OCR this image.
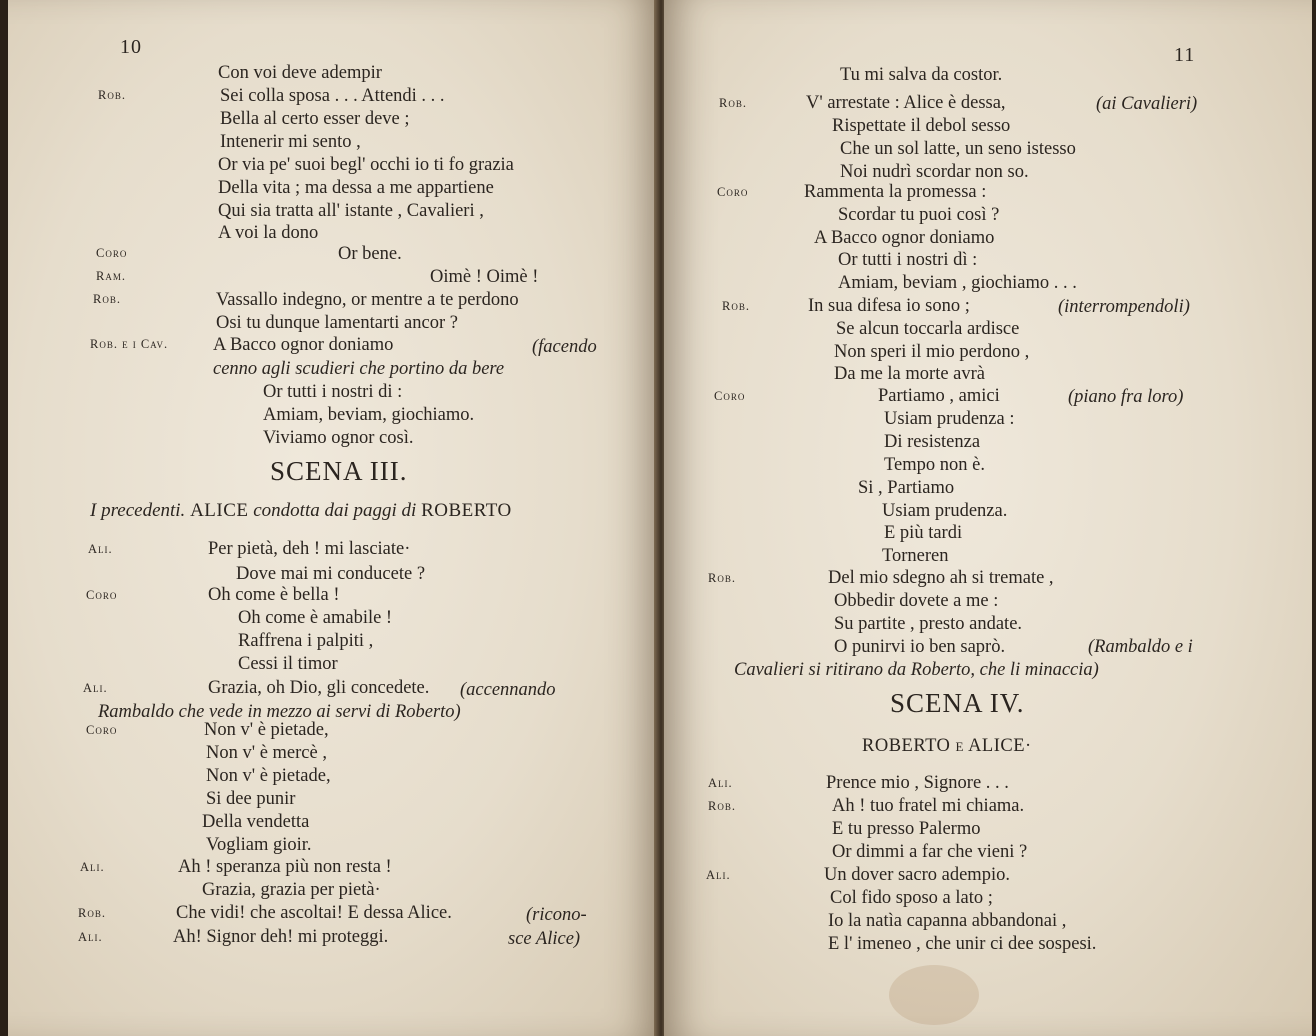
10
Con voi deve adempir
Rob.	Sei colla sposa . . . Attendi . . .
Bella al certo esser deve ;
Intenerir mi sento ,
Or via pe' suoi begl' occhi io ti fo grazia
Della vita ; ma dessa a me appartiene
Qui sia tratta all' istante , Cavalieri ,
A voi la dono
Coro	Or bene.
Ram.	Oimè ! Oimè !
Rob.	Vassallo indegno, or mentre a te perdono
Osi tu dunque lamentarti ancor ?
Rob. e i Cav. A Bacco ognor doniamo	(facendo
cenno agli scudieri che portino da bere
Or tutti i nostri di :
Amiam, beviam, giochiamo.
Viviamo ognor così.
SCENA III.
I precedenti. ALICE condotta dai paggi di ROBERTO
Ali.	Per pietà, deh ! mi lasciate·
Dove mai mi conducete ?
Coro	Oh come è bella !
Oh come è amabile !
Raffrena i palpiti ,
Cessi il timor
Ali.	Grazia, oh Dio, gli concedete. (accennando
Rambaldo che vede in mezzo ai servi di Roberto)
Coro	Non v' è pietade,
Non v' è mercè ,
Non v' è pietade,
Si dee punir
Della vendetta
Vogliam gioir.
Ali.	Ah ! speranza più non resta !
Grazia, grazia per pietà·
Rob.	Che vidi! che ascoltai! E dessa Alice.	(ricono-
Ali.	Ah! Signor deh! mi proteggi.	sce Alice)
11
Tu mi salva da costor.
Rob.	V' arrestate : Alice è dessa,	(ai Cavalieri)
Rispettate il debol sesso
Che un sol latte, un seno istesso
Noi nudrì scordar non so.
Coro	Rammenta la promessa :
Scordar tu puoi così ?
A Bacco ognor doniamo
Or tutti i nostri dì :
Amiam, beviam , giochiamo . . .
Rob.	In sua difesa io sono ;	(interrompendoli)
Se alcun toccarla ardisce
Non speri il mio perdono ,
Da me la morte avrà
Coro	Partiamo , amici	(piano fra loro)
Usiam prudenza :
Di resistenza
Tempo non è.
Si , Partiamo
Usiam prudenza.
E più tardi
Torneren
Rob.	Del mio sdegno ah si tremate ,
Obbedir dovete a me :
Su partite , presto andate.
O punirvi io ben saprò.	(Rambaldo e i
Cavalieri si ritirano da Roberto, che li minaccia)
SCENA IV.
ROBERTO e ALICE·
Ali.	Prence mio , Signore . . .
Rob.	Ah ! tuo fratel mi chiama.
E tu presso Palermo
Or dimmi a far che vieni ?
Ali.	Un dover sacro adempio.
Col fido sposo a lato ;
Io la natìa capanna abbandonai ,
E l' imeneo , che unir ci dee sospesi.
